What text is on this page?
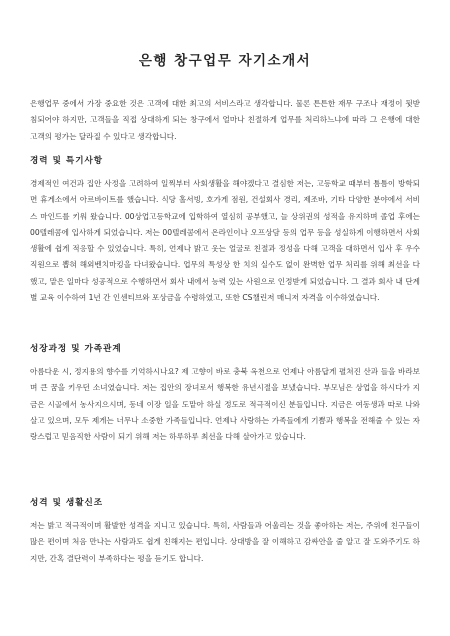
은행 창구업무 자기소개서

은행업무 중에서 가장 중요한 것은 고객에 대한 최고의 서비스라고 생각합니다. 물론 튼튼한 재무 구조나 재정이 뒷받침되어야 하지만, 고객들을 직접 상대하게 되는 창구에서 얼마나 친절하게 업무를 처리하느냐에 따라 그 은행에 대한 고객의 평가는 달라질 수 있다고 생각합니다.

경력 및 특기사항

경제적인 여건과 집안 사정을 고려하여 일찍부터 사회생활을 해야겠다고 결심한 저는, 고등학교 때부터 틈틈이 방학되면 휴게소에서 아르바이트를 했습니다. 식당 홀서빙, 호가게 점원, 건설회사 경리, 제조바, 기타 다양한 분야에서 서비스 마인드를 키워 왔습니다. 00상업고등학교에 입학하여 열심히 공부했고, 늘 상위권의 성적을 유지하며 졸업 후에는 00텔레콤에 입사하게 되었습니다. 저는 00텔레콤에서 온라인이나 오프상담 등의 업무 등을 성실하게 이행하면서 사회생활에 쉽게 적응할 수 있었습니다. 특히, 언제나 밝고 웃는 얼굴로 친절과 정성을 다해 고객을 대하면서 입사 후 우수직원으로 뽑혀 해외벤치마킹을 다녀왔습니다. 업무의 특성상 한 치의 실수도 없이 완벽한 업무 처리를 위해 최선을 다했고, 맡은 일마다 성공적으로 수행하면서 회사 내에서 능력 있는 사원으로 인정받게 되었습니다. 그 결과 회사 내 단계별 교육 이수하여 1년 간 인센티브와 포상금을 수령하였고, 또한 CS챌린저 매니저 자격을 이수하였습니다.

성장과정 및 가족관계

아름다운 시, 정지용의 향수를 기억하시나요? 제 고향이 바로 충북 옥천으로 언제나 아름답게 펼쳐진 산과 들을 바라보며 큰 꿈을 키우던 소녀였습니다. 저는 집안의 장녀로서 행복한 유년시절을 보냈습니다. 부모님은 상업을 하시다가 지금은 시골에서 농사지으시며, 동네 이장 일을 도맡아 하실 정도로 적극적이신 분들입니다. 지금은 여동생과 따로 나와 살고 있으며, 모두 제게는 너무나 소중한 가족들입니다. 언제나 사랑하는 가족들에게 기쁨과 행복을 전해줄 수 있는 자랑스럽고 믿음직한 사람이 되기 위해 저는 하루하루 최선을 다해 살아가고 있습니다.

성격 및 생활신조

저는 밝고 적극적이며 활발한 성격을 지니고 있습니다. 특히, 사람들과 어울리는 것을 좋아하는 저는, 주위에 친구들이 많은 편이며 처음 만나는 사람과도 쉽게 친해지는 편입니다. 상대방을 잘 이해하고 감싸안을 줄 알고 잘 도와주기도 하지만, 간혹 결단력이 부족하다는 평을 듣기도 합니다.
